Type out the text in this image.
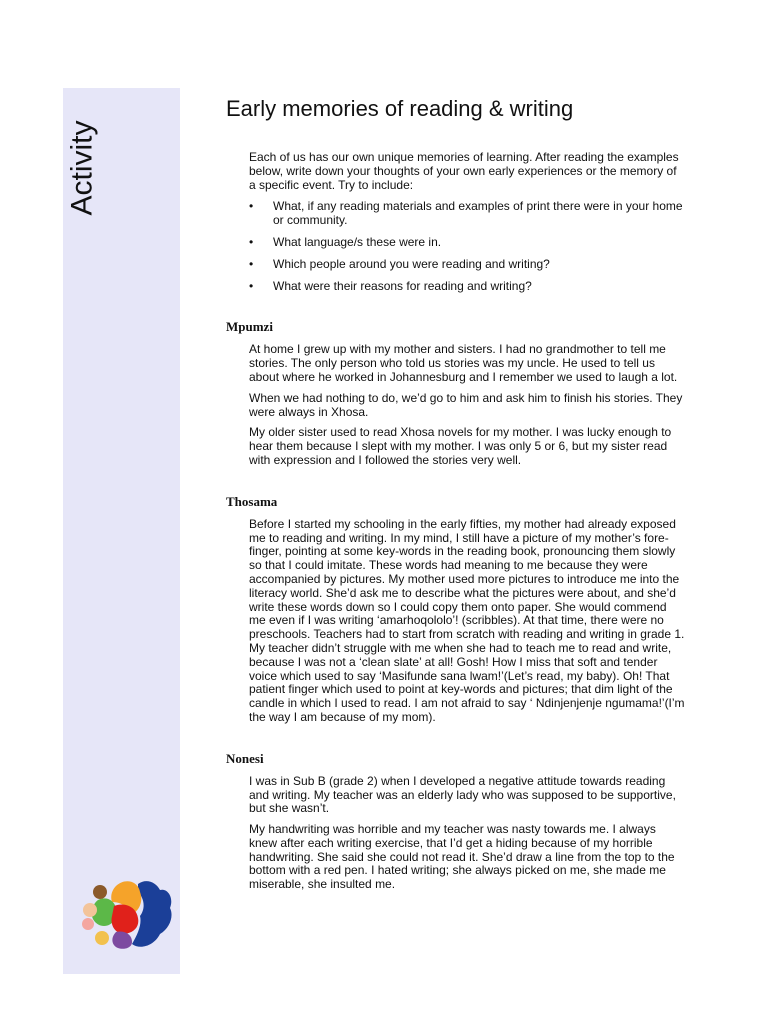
Activity
Early memories of reading & writing

Each of us has our own unique memories of learning. After reading the examples below, write down your thoughts of your own early experiences or the memory of a specific event. Try to include:

• What, if any reading materials and examples of print there were in your home or community.
• What language/s these were in.
• Which people around you were reading and writing?
• What were their reasons for reading and writing?
Mpumzi

At home I grew up with my mother and sisters. I had no grandmother to tell me stories. The only person who told us stories was my uncle. He used to tell us about where he worked in Johannesburg and I remember we used to laugh a lot.

When we had nothing to do, we’d go to him and ask him to finish his stories. They were always in Xhosa.

My older sister used to read Xhosa novels for my mother. I was lucky enough to hear them because I slept with my mother. I was only 5 or 6, but my sister read with expression and I followed the stories very well.

Thosama

Before I started my schooling in the early fifties, my mother had already exposed me to reading and writing. In my mind, I still have a picture of my mother’s fore-finger, pointing at some key-words in the reading book, pronouncing them slowly so that I could imitate. These words had meaning to me because they were accompanied by pictures. My mother used more pictures to introduce me into the literacy world. She’d ask me to describe what the pictures were about, and she’d write these words down so I could copy them onto paper. She would commend me even if I was writing ‘amarhoqololo’! (scribbles). At that time, there were no preschools. Teachers had to start from scratch with reading and writing in grade 1. My teacher didn’t struggle with me when she had to teach me to read and write, because I was not a ‘clean slate’ at all! Gosh! How I miss that soft and tender voice which used to say ‘Masifunde sana lwam!’(Let’s read, my baby). Oh! That patient finger which used to point at key-words and pictures; that dim light of the candle in which I used to read. I am not afraid to say ‘ Ndinjenjenje ngumama!’(I’m the way I am because of my mom).

Nonesi

I was in Sub B (grade 2) when I developed a negative attitude towards reading and writing. My teacher was an elderly lady who was supposed to be supportive, but she wasn’t.

My handwriting was horrible and my teacher was nasty towards me. I always knew after each writing exercise, that I’d get a hiding because of my horrible handwriting. She said she could not read it. She’d draw a line from the top to the bottom with a red pen. I hated writing; she always picked on me, she made me miserable, she insulted me.
